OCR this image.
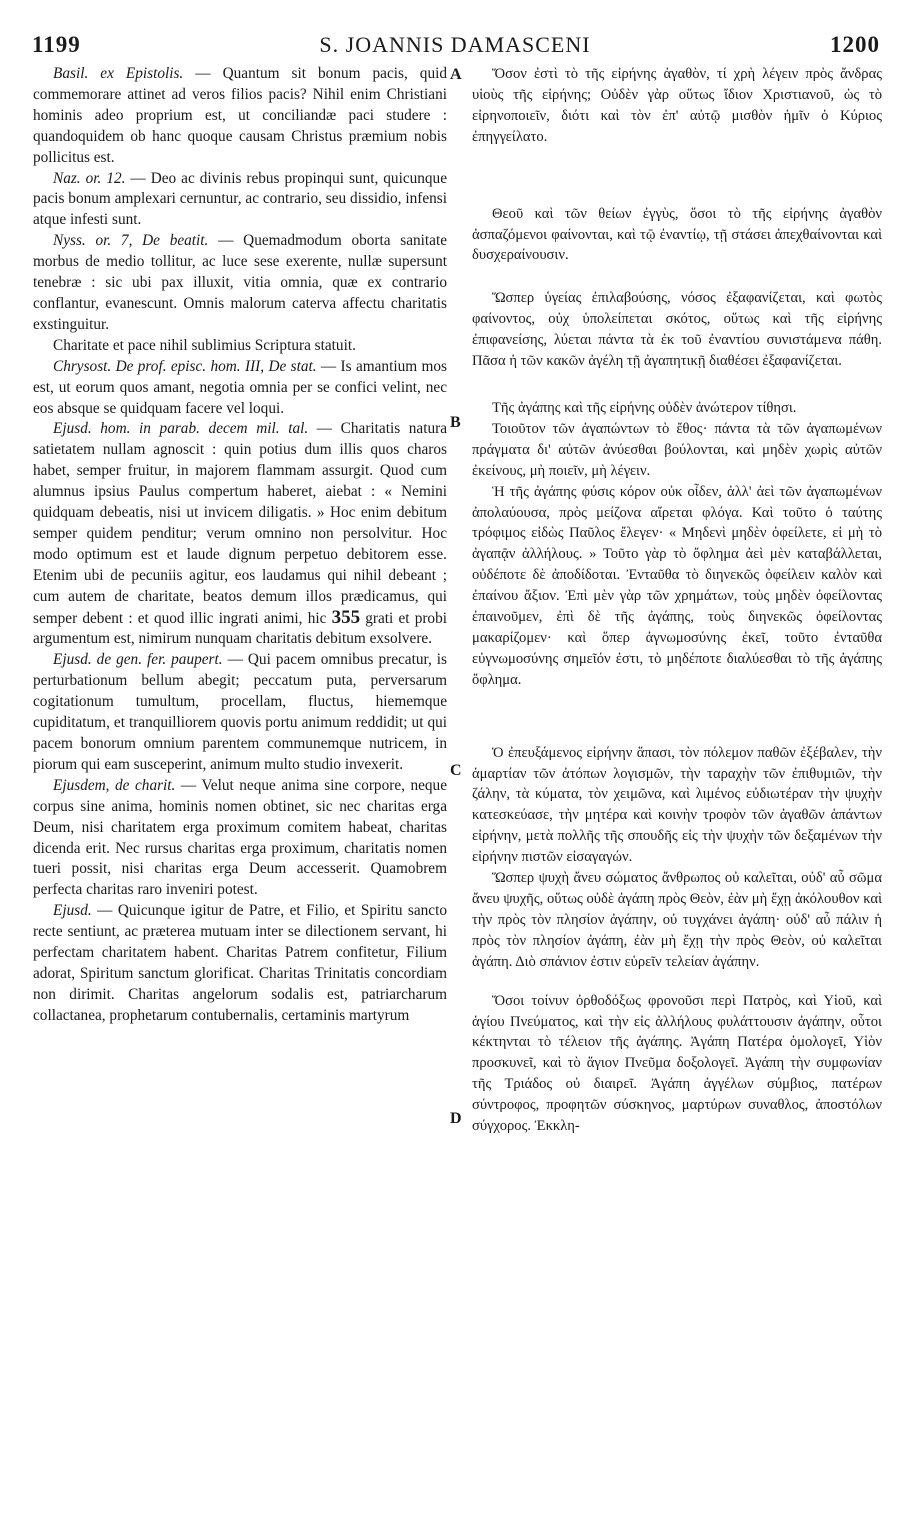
1199	S. JOANNIS DAMASCENI	1200
A
B
C
D

Basil. ex Epistolis. — Quantum sit bonum pacis, quid commemorare attinet ad veros filios pacis? Nihil enim Christiani hominis adeo proprium est, ut conciliandæ paci studere : quandoquidem ob hanc quoque causam Christus præmium nobis pollicitus est.

Naz. or. 12. — Deo ac divinis rebus propinqui sunt, quicunque pacis bonum amplexari cernuntur, ac contrario, seu dissidio, infensi atque infesti sunt.

Nyss. or. 7, De beatit. — Quemadmodum oborta sanitate morbus de medio tollitur, ac luce sese exerente, nullæ supersunt tenebræ : sic ubi pax illuxit, vitia omnia, quæ ex contrario conflantur, evanescunt. Omnis malorum caterva affectu charitatis exstinguitur.

Charitate et pace nihil sublimius Scriptura statuit.

Chrysost. De prof. episc. hom. III, De stat. — Is amantium mos est, ut eorum quos amant, negotia omnia per se confici velint, nec eos absque se quidquam facere vel loqui.

Ejusd. hom. in parab. decem mil. tal. — Charitatis natura satietatem nullam agnoscit : quin potius dum illis quos charos habet, semper fruitur, in majorem flammam assurgit. Quod cum alumnus ipsius Paulus compertum haberet, aiebat : « Nemini quidquam debeatis, nisi ut invicem diligatis. » Hoc enim debitum semper quidem penditur; verum omnino non persolvitur. Hoc modo optimum est et laude dignum perpetuo debitorem esse. Etenim ubi de pecuniis agitur, eos laudamus qui nihil debeant ; cum autem de charitate, beatos demum illos prædicamus, qui semper debent : et quod illic ingrati animi, hic 355 grati et probi argumentum est, nimirum nunquam charitatis debitum exsolvere.

Ejusd. de gen. fer. paupert. — Qui pacem omnibus precatur, is perturbationum bellum abegit; peccatum puta, perversarum cogitationum tumultum, procellam, fluctus, hiememque cupiditatum, et tranquilliorem quovis portu animum reddidit; ut qui pacem bonorum omnium parentem communemque nutricem, in piorum qui eam susceperint, animum multo studio invexerit.

Ejusdem, de charit. — Velut neque anima sine corpore, neque corpus sine anima, hominis nomen obtinet, sic nec charitas erga Deum, nisi charitatem erga proximum comitem habeat, charitas dicenda erit. Nec rursus charitas erga proximum, charitatis nomen tueri possit, nisi charitas erga Deum accesserit. Quamobrem perfecta charitas raro inveniri potest.

Ejusd. — Quicunque igitur de Patre, et Filio, et Spiritu sancto recte sentiunt, ac præterea mutuam inter se dilectionem servant, hi perfectam charitatem habent. Charitas Patrem confitetur, Filium adorat, Spiritum sanctum glorificat. Charitas Trinitatis concordiam non dirimit. Charitas angelorum sodalis est, patriarcharum collactanea, prophetarum contubernalis, certaminis martyrum

Ὅσον ἐστὶ τὸ τῆς εἰρήνης ἀγαθὸν, τί χρὴ λέγειν πρὸς ἄνδρας υἱοὺς τῆς εἰρήνης; Οὐδὲν γὰρ οὕτως ἴδιον Χριστιανοῦ, ὡς τὸ εἰρηνοποιεῖν, διότι καὶ τὸν ἐπ' αὐτῷ μισθὸν ἡμῖν ὁ Κύριος ἐπηγγείλατο.

Θεοῦ καὶ τῶν θείων ἐγγὺς, ὅσοι τὸ τῆς εἰρήνης ἀγαθὸν ἀσπαζόμενοι φαίνονται, καὶ τῷ ἐναντίῳ, τῇ στάσει ἀπεχθαίνονται καὶ δυσχεραίνουσιν.

Ὥσπερ ὑγείας ἐπιλαβούσης, νόσος ἐξαφανίζεται, καὶ φωτὸς φαίνοντος, οὐχ ὑπολείπεται σκότος, οὕτως καὶ τῆς εἰρήνης ἐπιφανείσης, λύεται πάντα τὰ ἐκ τοῦ ἐναντίου συνιστάμενα πάθη. Πᾶσα ἡ τῶν κακῶν ἀγέλη τῇ ἀγαπητικῇ διαθέσει ἐξαφανίζεται.

Τῆς ἀγάπης καὶ τῆς εἰρήνης οὐδὲν ἀνώτερον τίθησι.

Τοιοῦτον τῶν ἀγαπώντων τὸ ἔθος· πάντα τὰ τῶν ἀγαπωμένων πράγματα δι' αὐτῶν ἀνύεσθαι βούλονται, καὶ μηδὲν χωρὶς αὐτῶν ἐκείνους, μὴ ποιεῖν, μὴ λέγειν.

Ἡ τῆς ἀγάπης φύσις κόρον οὐκ οἶδεν, ἀλλ' ἀεὶ τῶν ἀγαπωμένων ἀπολαύουσα, πρὸς μείζονα αἴρεται φλόγα. Καὶ τοῦτο ὁ ταύτης τρόφιμος εἰδὼς Παῦλος ἔλεγεν· « Μηδενὶ μηδὲν ὀφείλετε, εἰ μὴ τὸ ἀγαπᾷν ἀλλήλους. » Τοῦτο γὰρ τὸ ὄφλημα ἀεὶ μὲν καταβάλλεται, οὐδέποτε δὲ ἀποδίδοται. Ἐνταῦθα τὸ διηνεκῶς ὀφείλειν καλὸν καὶ ἐπαίνου ἄξιον. Ἐπὶ μὲν γὰρ τῶν χρημάτων, τοὺς μηδὲν ὀφείλοντας ἐπαινοῦμεν, ἐπὶ δὲ τῆς ἀγάπης, τοὺς διηνεκῶς ὀφείλοντας μακαρίζομεν· καὶ ὅπερ ἀγνωμοσύνης ἐκεῖ, τοῦτο ἐνταῦθα εὐγνωμοσύνης σημεῖόν ἐστι, τὸ μηδέποτε διαλύεσθαι τὸ τῆς ἀγάπης ὄφλημα.

Ὁ ἐπευξάμενος εἰρήνην ἅπασι, τὸν πόλεμον παθῶν ἐξέβαλεν, τὴν ἁμαρτίαν τῶν ἀτόπων λογισμῶν, τὴν ταραχὴν τῶν ἐπιθυμιῶν, τὴν ζάλην, τὰ κύματα, τὸν χειμῶνα, καὶ λιμένος εὐδιωτέραν τὴν ψυχὴν κατεσκεύασε, τὴν μητέρα καὶ κοινὴν τροφὸν τῶν ἀγαθῶν ἁπάντων εἰρήνην, μετὰ πολλῆς τῆς σπουδῆς εἰς τὴν ψυχὴν τῶν δεξαμένων τὴν εἰρήνην πιστῶν εἰσαγαγών.

Ὥσπερ ψυχὴ ἄνευ σώματος ἄνθρωπος οὐ καλεῖται, οὐδ' αὖ σῶμα ἄνευ ψυχῆς, οὕτως οὐδὲ ἀγάπη πρὸς Θεὸν, ἐὰν μὴ ἔχῃ ἀκόλουθον καὶ τὴν πρὸς τὸν πλησίον ἀγάπην, οὐ τυγχάνει ἀγάπη· οὐδ' αὖ πάλιν ἡ πρὸς τὸν πλησίον ἀγάπη, ἐὰν μὴ ἔχῃ τὴν πρὸς Θεὸν, οὐ καλεῖται ἀγάπη. Διὸ σπάνιον ἐστιν εὑρεῖν τελείαν ἀγάπην.

Ὅσοι τοίνυν ὀρθοδόξως φρονοῦσι περὶ Πατρὸς, καὶ Υἱοῦ, καὶ ἁγίου Πνεύματος, καὶ τὴν εἰς ἀλλήλους φυλάττουσιν ἀγάπην, οὗτοι κέκτηνται τὸ τέλειον τῆς ἀγάπης. Ἀγάπη Πατέρα ὁμολογεῖ, Υἱὸν προσκυνεῖ, καὶ τὸ ἅγιον Πνεῦμα δοξολογεῖ. Ἀγάπη τὴν συμφωνίαν τῆς Τριάδος οὐ διαιρεῖ. Ἀγάπη ἀγγέλων σύμβιος, πατέρων σύντροφος, προφητῶν σύσκηνος, μαρτύρων συναθλος, ἀποστόλων σύγχορος. Ἐκκλη-
